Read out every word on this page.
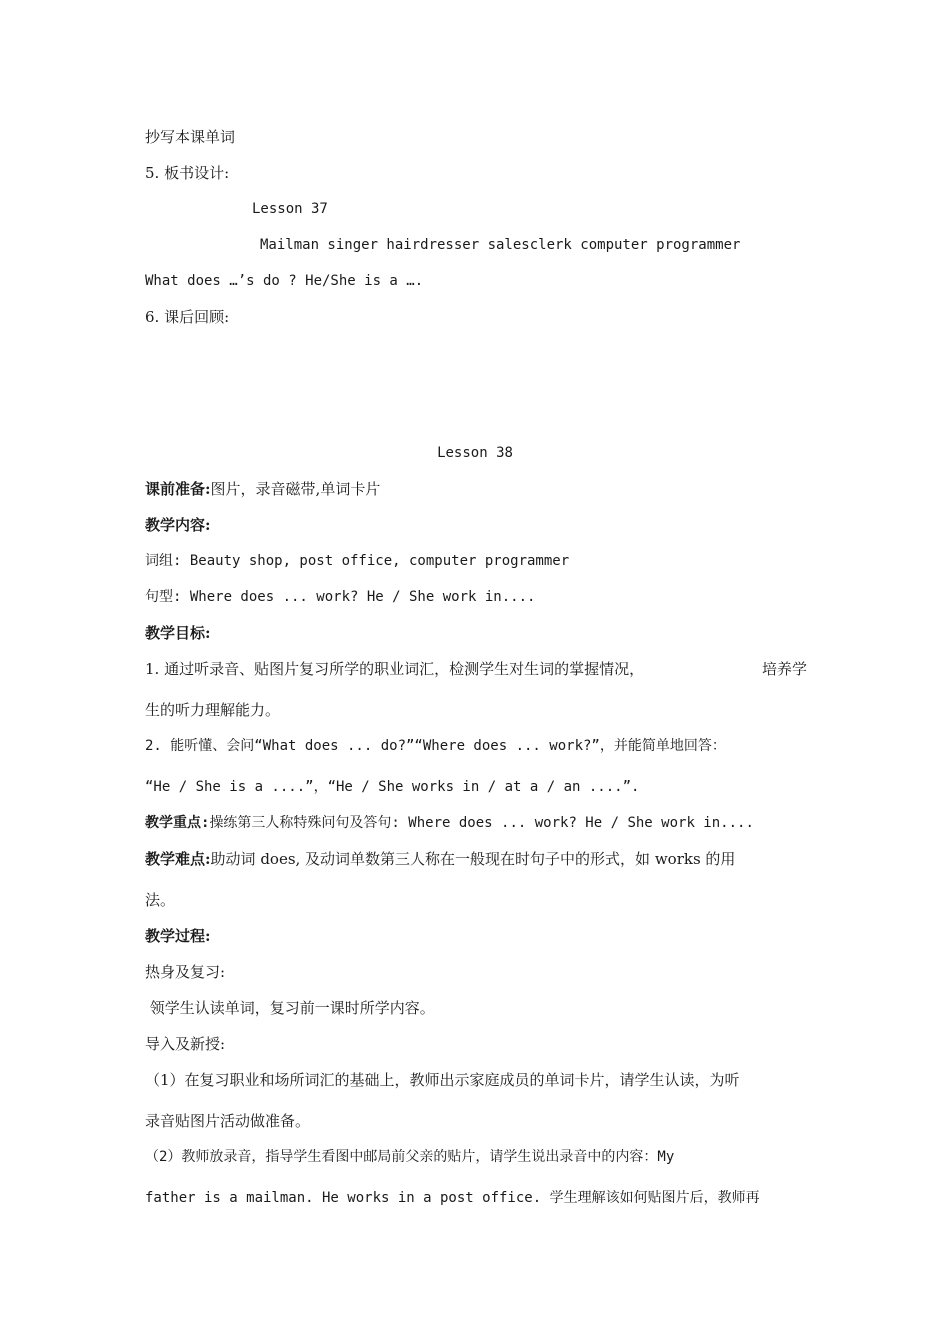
抄写本课单词

5. 板书设计:

Lesson 37

Mailman singer hairdresser salesclerk computer programmer

What does …’s do ? He/She is a ….

6. 课后回顾:

Lesson 38

课前准备:图片，录音磁带,单词卡片

教学内容:

词组: Beauty shop, post office, computer programmer

句型: Where does ... work? He / She work in....

教学目标:

1. 通过听录音、贴图片复习所学的职业词汇，检测学生对生词的掌握情况，	培养学

生的听力理解能力。

2. 能听懂、会问“What does ... do?”“Where does ... work?”，并能简单地回答：

“He / She is a ....”，“He / She works in / at a / an ....”.

教学重点:操练第三人称特殊问句及答句: Where does ... work? He / She work in....

教学难点:助动词 does, 及动词单数第三人称在一般现在时句子中的形式，如 works 的用

法。

教学过程:

热身及复习:

领学生认读单词，复习前一课时所学内容。

导入及新授:

（1）在复习职业和场所词汇的基础上，教师出示家庭成员的单词卡片，请学生认读，为听

录音贴图片活动做准备。

（2）教师放录音，指导学生看图中邮局前父亲的贴片，请学生说出录音中的内容：My

father is a mailman. He works in a post office. 学生理解该如何贴图片后，教师再
